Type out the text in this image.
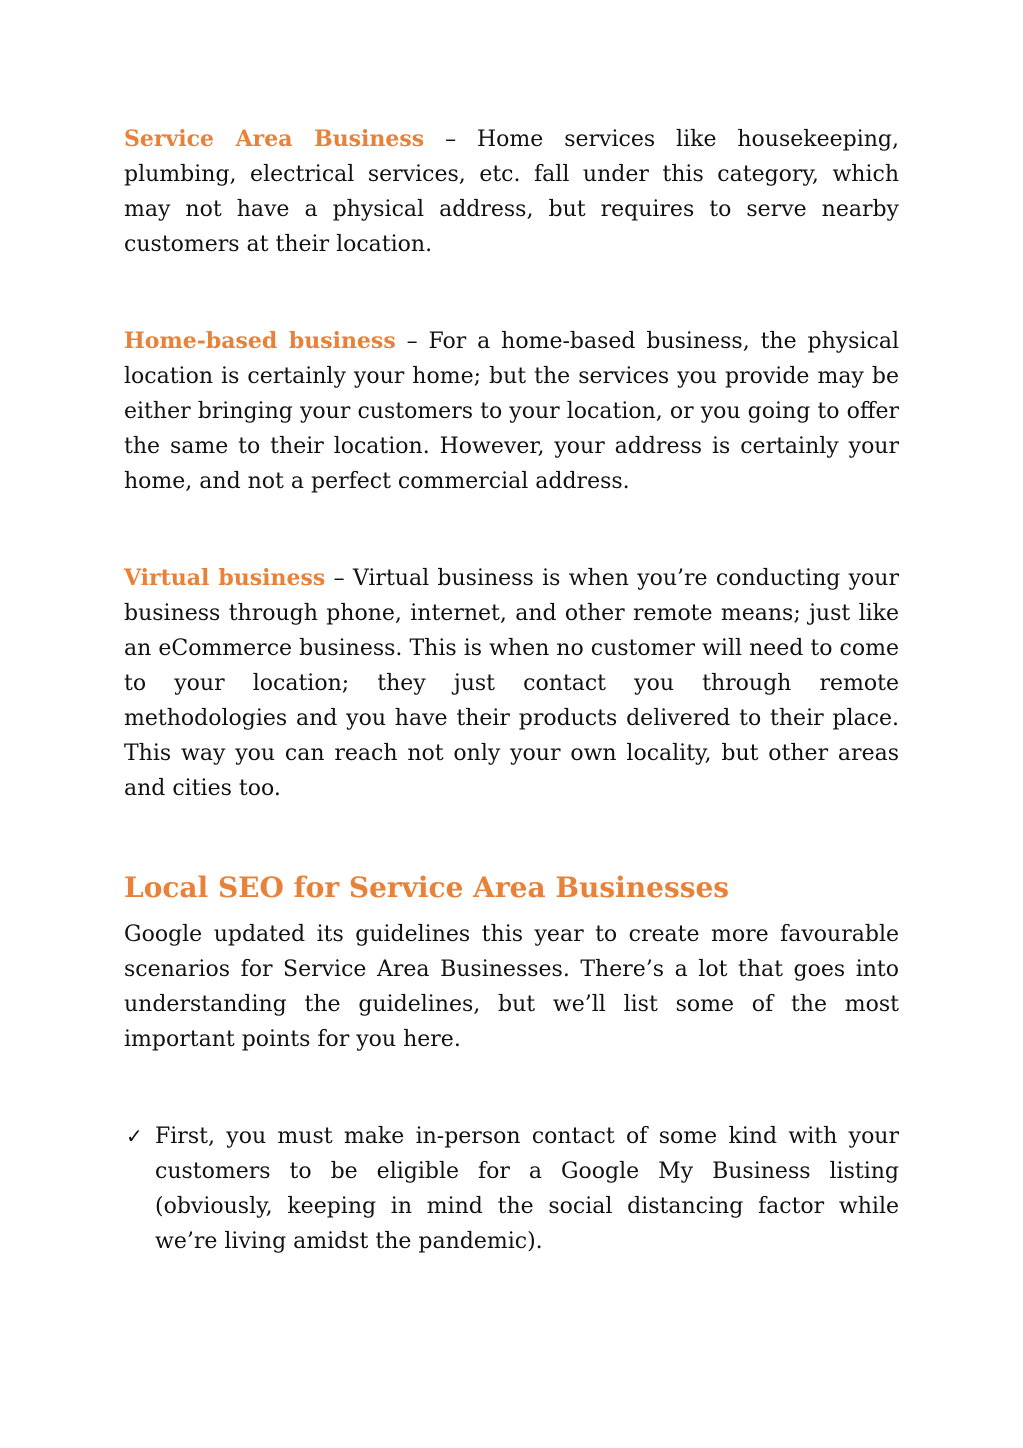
Service Area Business – Home services like housekeeping, plumbing, electrical services, etc. fall under this category, which may not have a physical address, but requires to serve nearby customers at their location.

Home-based business – For a home-based business, the physical location is certainly your home; but the services you provide may be either bringing your customers to your location, or you going to offer the same to their location. However, your address is certainly your home, and not a perfect commercial address.

Virtual business – Virtual business is when you’re conducting your business through phone, internet, and other remote means; just like an eCommerce business. This is when no customer will need to come to your location; they just contact you through remote methodologies and you have their products delivered to their place. This way you can reach not only your own locality, but other areas and cities too.

Local SEO for Service Area Businesses

Google updated its guidelines this year to create more favourable scenarios for Service Area Businesses. There’s a lot that goes into understanding the guidelines, but we’ll list some of the most important points for you here.

✓ First, you must make in-person contact of some kind with your customers to be eligible for a Google My Business listing (obviously, keeping in mind the social distancing factor while we’re living amidst the pandemic).
